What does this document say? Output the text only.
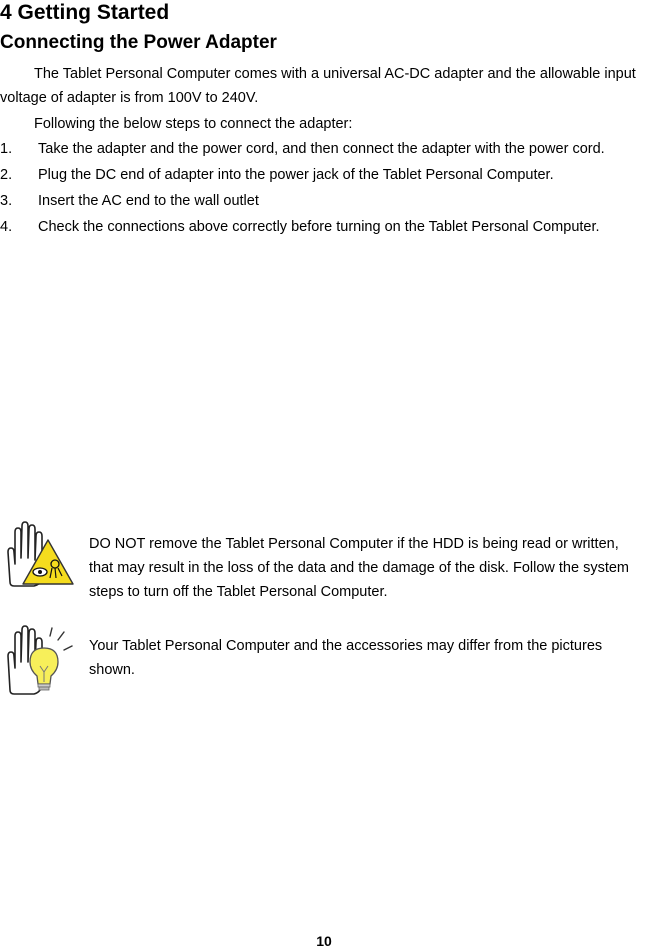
4 Getting Started
Connecting the Power Adapter
The Tablet Personal Computer comes with a universal AC-DC adapter and the allowable input voltage of adapter is from 100V to 240V.
Following the below steps to connect the adapter:
1. Take the adapter and the power cord, and then connect the adapter with the power cord.
2. Plug the DC end of adapter into the power jack of the Tablet Personal Computer.
3. Insert the AC end to the wall outlet
4. Check the connections above correctly before turning on the Tablet Personal Computer.
DO NOT remove the Tablet Personal Computer if the HDD is being read or written, that may result in the loss of the data and the damage of the disk. Follow the system steps to turn off the Tablet Personal Computer.
Your Tablet Personal Computer and the accessories may differ from the pictures shown.
10
